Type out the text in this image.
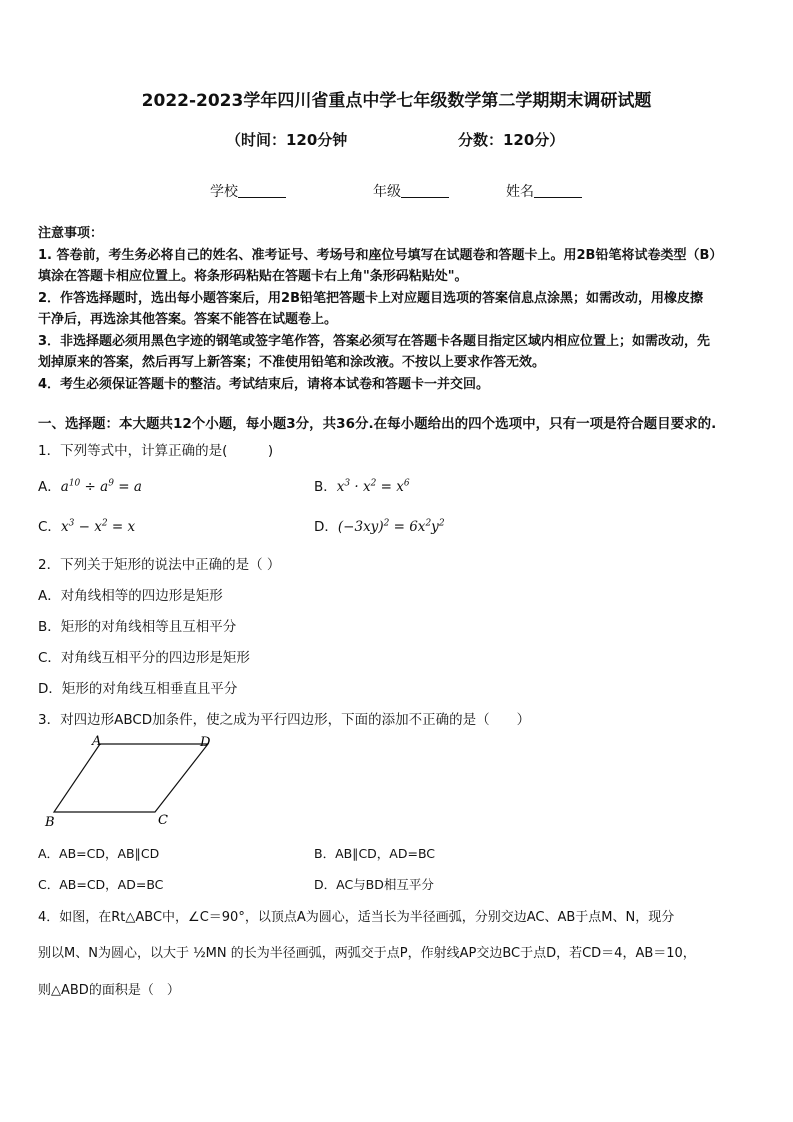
2022-2023学年四川省重点中学七年级数学第二学期期末调研试题
（时间：120分钟	分数：120分）
学校	年级	姓名
注意事项：
1. 答卷前，考生务必将自己的姓名、准考证号、考场号和座位号填写在试题卷和答题卡上。用2B铅笔将试卷类型（B）
填涂在答题卡相应位置上。将条形码粘贴在答题卡右上角"条形码粘贴处"。
2．作答选择题时，选出每小题答案后，用2B铅笔把答题卡上对应题目选项的答案信息点涂黑；如需改动，用橡皮擦
干净后，再选涂其他答案。答案不能答在试题卷上。
3．非选择题必须用黑色字迹的钢笔或签字笔作答，答案必须写在答题卡各题目指定区域内相应位置上；如需改动，先
划掉原来的答案，然后再写上新答案；不准使用铅笔和涂改液。不按以上要求作答无效。
4．考生必须保证答题卡的整洁。考试结束后，请将本试卷和答题卡一并交回。
一、选择题：本大题共12个小题，每小题3分，共36分.在每小题给出的四个选项中，只有一项是符合题目要求的.
1．下列等式中，计算正确的是(　　　)
A．$a^{10} \div a^9 = a$	B．$x^3 \cdot x^2 = x^6$
C．$x^3 - x^2 = x$	D．$(-3xy)^2 = 6x^2y^2$
2．下列关于矩形的说法中正确的是（ ）
A．对角线相等的四边形是矩形
B．矩形的对角线相等且互相平分
C．对角线互相平分的四边形是矩形
D．矩形的对角线互相垂直且平分
3．对四边形ABCD加条件，使之成为平行四边形，下面的添加不正确的是（　　）
A	D
B	C
A．AB=CD，AB∥CD	B．AB∥CD，AD=BC
C．AB=CD，AD=BC	D．AC与BD相互平分
4．如图，在Rt△ABC中，∠C＝90°，以顶点A为圆心，适当长为半径画弧，分别交边AC、AB于点M、N，现分
别以M、N为圆心，以大于 ½MN 的长为半径画弧，两弧交于点P，作射线AP交边BC于点D，若CD＝4，AB＝10，
则△ABD的面积是（　）
